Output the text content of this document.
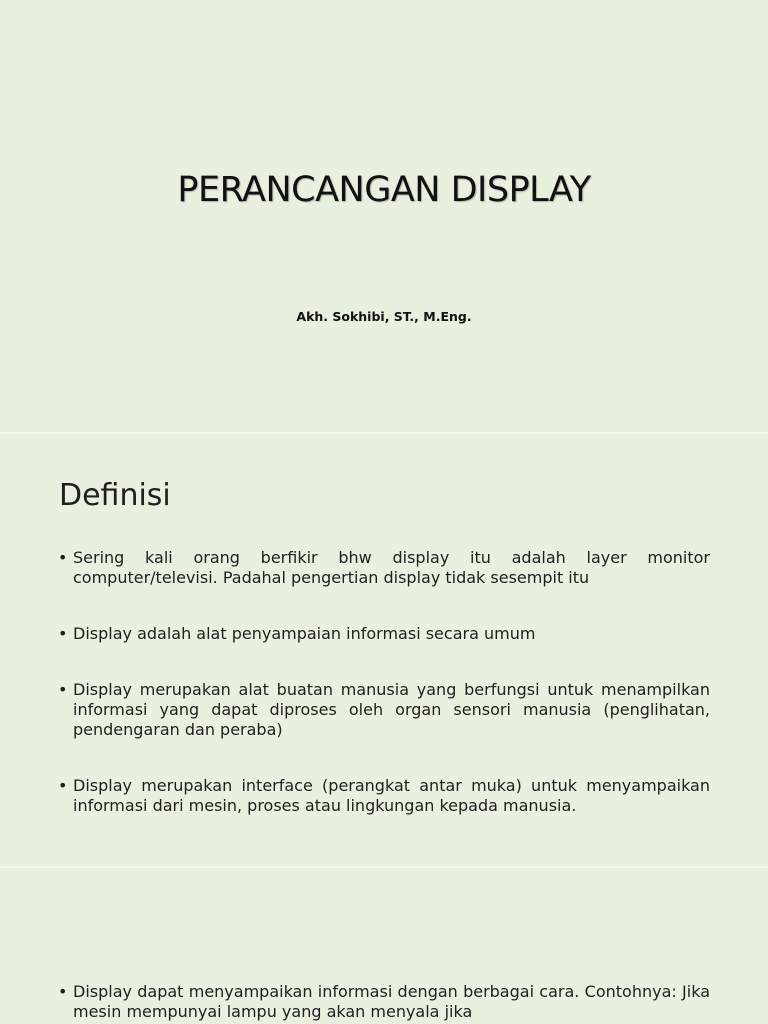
PERANCANGAN DISPLAY
Akh. Sokhibi, ST., M.Eng.
Definisi
• Sering kali orang berfikir bhw display itu adalah layer monitor computer/televisi. Padahal pengertian display tidak sesempit itu
• Display adalah alat penyampaian informasi secara umum
• Display merupakan alat buatan manusia yang berfungsi untuk menampilkan informasi yang dapat diproses oleh organ sensori manusia (penglihatan, pendengaran dan peraba)
• Display merupakan interface (perangkat antar muka) untuk menyampaikan informasi dari mesin, proses atau lingkungan kepada manusia.
• Display dapat menyampaikan informasi dengan berbagai cara. Contohnya: Jika mesin mempunyai lampu yang akan menyala jika
